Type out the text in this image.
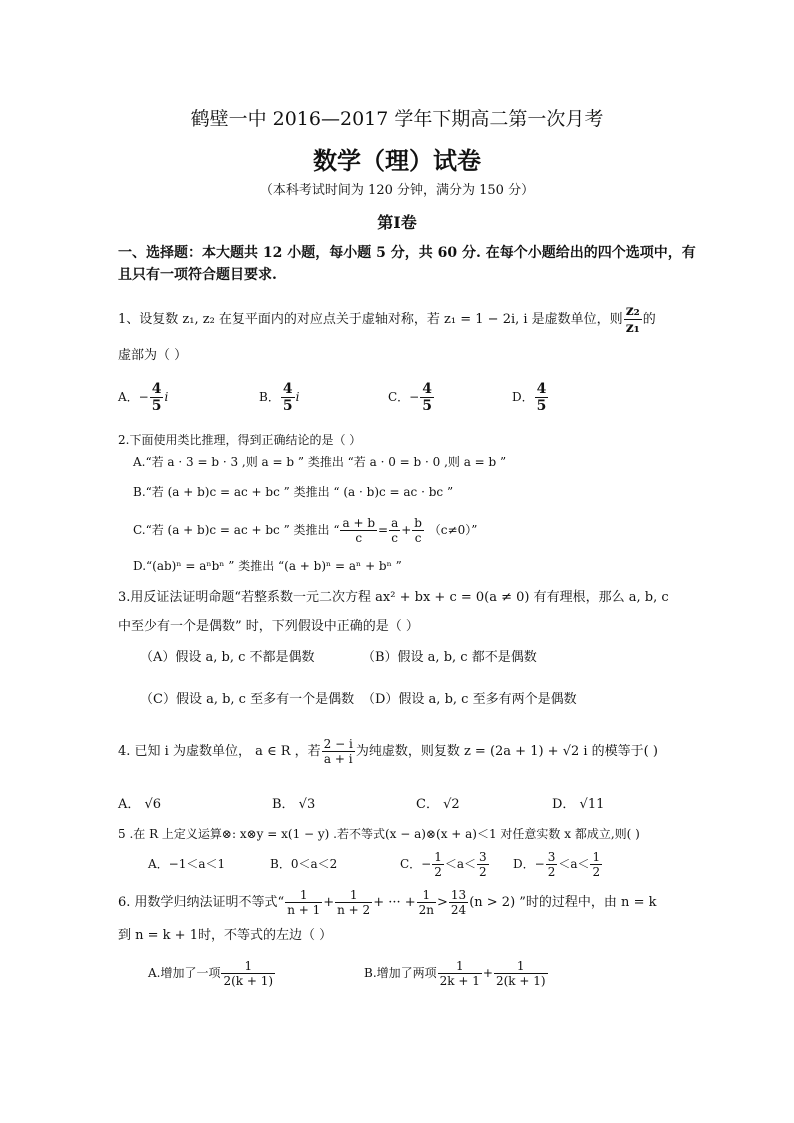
鹤壁一中 2016—2017 学年下期高二第一次月考
数学（理）试卷
（本科考试时间为 120 分钟，满分为 150 分）
第Ⅰ卷
一、选择题：本大题共 12 小题，每小题 5 分，共 60 分. 在每个小题给出的四个选项中，有
且只有一项符合题目要求.
1、设复数 z₁, z₂ 在复平面内的对应点关于虚轴对称，若 z₁ = 1 − 2i, i 是虚数单位，则 $\frac{\text{z₂}}{\text{z₁}}$ 的
虚部为（ ）
A．− $\frac{4}{5}$ i	B． $\frac{4}{5}$ i	C．− $\frac{4}{5}$	D． $\frac{4}{5}$
2.下面使用类比推理，得到正确结论的是（ ）
A.“若 a · 3 = b · 3 ,则 a = b ” 类推出 “若 a · 0 = b · 0 ,则 a = b ”
B.“若 (a + b)c = ac + bc ” 类推出 “ (a · b)c = ac · bc ”
C.“若 (a + b)c = ac + bc ” 类推出 “ $\frac{a + b}{c} = \frac{a}{c} + \frac{b}{c} (c\ne 0)$”
D.“(ab)ⁿ = aⁿbⁿ ” 类推出 “(a + b)ⁿ = aⁿ + bⁿ ”
3.用反证法证明命题“若整系数一元二次方程 ax² + bx + c = 0(a ≠ 0) 有有理根，那么 a, b, c
中至少有一个是偶数” 时，下列假设中正确的是（ ）
（A）假设 a, b, c 不都是偶数	（B）假设 a, b, c 都不是偶数
（C）假设 a, b, c 至多有一个是偶数 （D）假设 a, b, c 至多有两个是偶数
4. 已知 i 为虚数单位， a ∈ R ，若 $\frac{2 - i}{a + i}$ 为纯虚数，则复数 z = (2a + 1) + √2 i 的模等于( )
A． √6	B． √3	C． √2	D． √11
5 .在 R 上定义运算⊗: x⊗y = x(1 − y) .若不等式(x − a)⊗(x + a)＜1 对任意实数 x 都成立,则( )
A．−1＜a＜1	B．0＜a＜2	C．− $\frac{1}{2} <a< \frac{3}{2}$ D．− $\frac{3}{2} <a< \frac{1}{2}$
6. 用数学归纳法证明不等式“ $\frac{1}{n + 1} + \frac{1}{n + 2}$ + ··· + $\frac{1}{2n} > \frac{13}{24} (n > 2)$ ”时的过程中，由 n = k
到 n = k + 1时，不等式的左边（ ）
A.增加了一项 $\frac{1}{2(k + 1)}$	B.增加了两项 $\frac{1}{2k + 1} + \frac{1}{2(k + 1)}$
